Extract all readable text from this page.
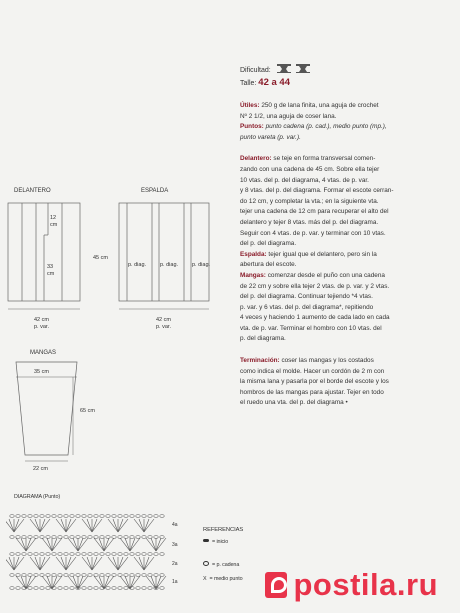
Dificultad:
Talle: 42 a 44
Útiles: 250 g de lana finita, una aguja de crochet
Nº 2 1/2, una aguja de coser lana.
Puntos: punto cadena (p. cad.), medio punto (mp.),
punto vareta (p. var.).
Delantero: se teje en forma transversal comen-
zando con una cadena de 45 cm. Sobre ella tejer
10 vtas. del p. del diagrama, 4 vtas. de p. var.
y 8 vtas. del p. del diagrama. Formar el escote cerran-
do 12 cm, y completar la vta.; en la siguiente vta.
tejer una cadena de 12 cm para recuperar el alto del
delantero y tejer 8 vtas. más del p. del diagrama.
Seguir con 4 vtas. de p. var. y terminar con 10 vtas.
del p. del diagrama.
Espalda: tejer igual que el delantero, pero sin la
abertura del escote.
Mangas: comenzar desde el puño con una cadena
de 22 cm y sobre ella tejer 2 vtas. de p. var. y 2 vtas.
del p. del diagrama. Continuar tejiendo *4 vtas.
p. var. y 6 vtas. del p. del diagrama*, repitiendo
4 veces y haciendo 1 aumento de cada lado en cada
vta. de p. var. Terminar el hombro con 10 vtas. del
p. del diagrama.
Terminación: coser las mangas y los costados
como indica el molde. Hacer un cordón de 2 m con
la misma lana y pasarla por el borde del escote y los
hombros de las mangas para ajustar. Tejer en todo
el ruedo una vta. del p. del diagrama •
DELANTERO
12
cm
33
cm
42 cm
p. var.
ESPALDA
45 cm
p. diag.	p. diag.	p. diag.
42 cm
p. var.
MANGAS
35 cm
65 cm
22 cm
DIAGRAMA (Punto)
4a
3a
2a
1a
REFERENCIAS
= inicio
= p. cadena
X = medio punto	postila.ru
